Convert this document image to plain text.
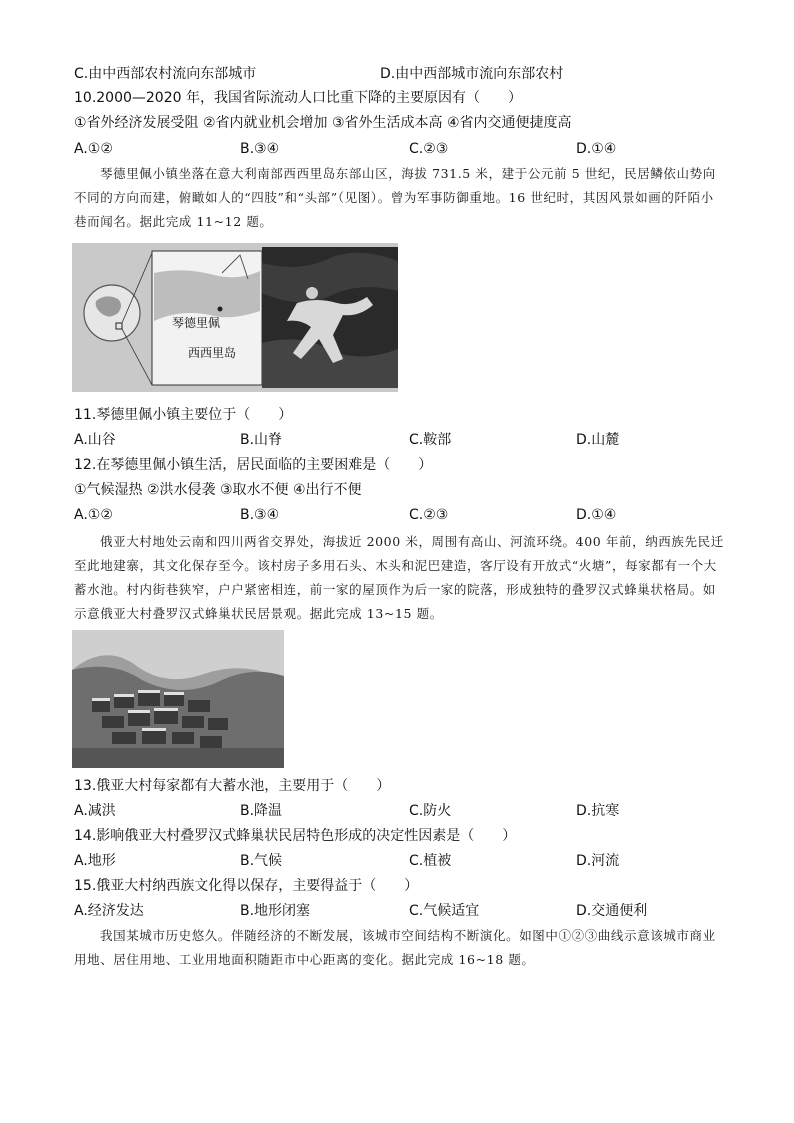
C.由中西部农村流向东部城市	D.由中西部城市流向东部农村
10.2000—2020 年，我国省际流动人口比重下降的主要原因有（　　）
①省外经济发展受阻 ②省内就业机会增加 ③省外生活成本高 ④省内交通便捷度高
A.①②	B.③④	C.②③	D.①④
琴德里佩小镇坐落在意大利南部西西里岛东部山区，海拔 731.5 米，建于公元前 5 世纪，民居鳞依山势向不同的方向而建，俯瞰如人的“四肢”和“头部”（见图）。曾为军事防御重地。16 世纪时，其因风景如画的阡陌小巷而闻名。据此完成 11~12 题。
琴德里佩
西西里岛
11.琴德里佩小镇主要位于（　　）
A.山谷	B.山脊	C.鞍部	D.山麓
12.在琴德里佩小镇生活，居民面临的主要困难是（　　）
①气候湿热 ②洪水侵袭 ③取水不便 ④出行不便
A.①②	B.③④	C.②③	D.①④
俄亚大村地处云南和四川两省交界处，海拔近 2000 米，周围有高山、河流环绕。400 年前，纳西族先民迁至此地建寨，其文化保存至今。该村房子多用石头、木头和泥巴建造，客厅设有开放式“火塘”，每家都有一个大蓄水池。村内街巷狭窄，户户紧密相连，前一家的屋顶作为后一家的院落，形成独特的叠罗汉式蜂巢状格局。如示意俄亚大村叠罗汉式蜂巢状民居景观。据此完成 13~15 题。
13.俄亚大村每家都有大蓄水池，主要用于（　　）
A.减洪	B.降温	C.防火	D.抗寒
14.影响俄亚大村叠罗汉式蜂巢状民居特色形成的决定性因素是（　　）
A.地形	B.气候	C.植被	D.河流
15.俄亚大村纳西族文化得以保存，主要得益于（　　）
A.经济发达	B.地形闭塞	C.气候适宜	D.交通便利
我国某城市历史悠久。伴随经济的不断发展，该城市空间结构不断演化。如图中①②③曲线示意该城市商业用地、居住用地、工业用地面积随距市中心距离的变化。据此完成 16~18 题。
